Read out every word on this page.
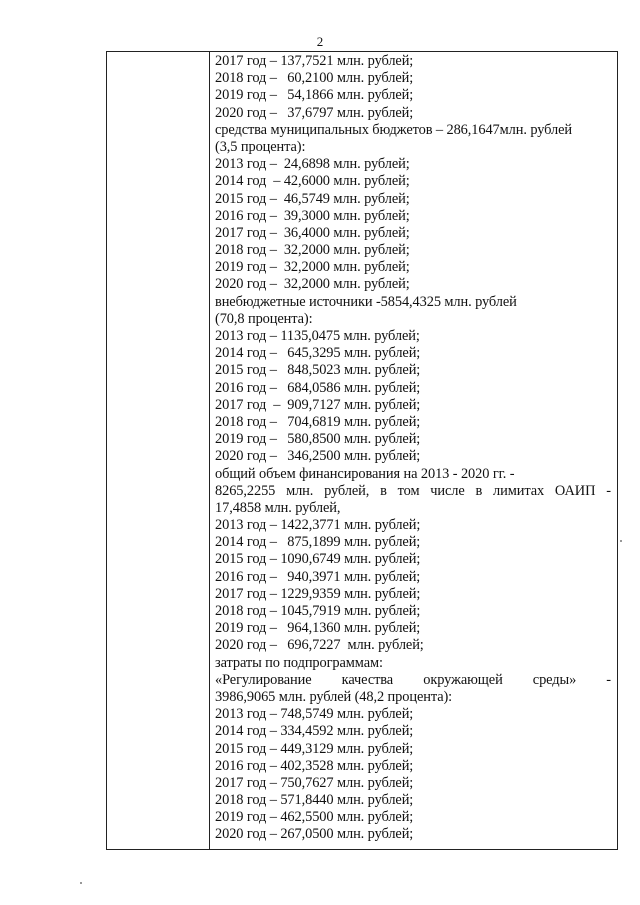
2
2017 год – 137,7521 млн. рублей;
2018 год –   60,2100 млн. рублей;
2019 год –   54,1866 млн. рублей;
2020 год –   37,6797 млн. рублей;
средства муниципальных бюджетов – 286,1647млн. рублей
(3,5 процента):
2013 год –  24,6898 млн. рублей;
2014 год  – 42,6000 млн. рублей;
2015 год –  46,5749 млн. рублей;
2016 год –  39,3000 млн. рублей;
2017 год –  36,4000 млн. рублей;
2018 год –  32,2000 млн. рублей;
2019 год –  32,2000 млн. рублей;
2020 год –  32,2000 млн. рублей;
внебюджетные источники -5854,4325 млн. рублей
(70,8 процента):
2013 год – 1135,0475 млн. рублей;
2014 год –   645,3295 млн. рублей;
2015 год –   848,5023 млн. рублей;
2016 год –   684,0586 млн. рублей;
2017 год  –  909,7127 млн. рублей;
2018 год –   704,6819 млн. рублей;
2019 год –   580,8500 млн. рублей;
2020 год –   346,2500 млн. рублей;
общий объем финансирования на 2013 - 2020 гг. -
8265,2255 млн. рублей, в том числе в лимитах ОАИП -
17,4858 млн. рублей,
2013 год – 1422,3771 млн. рублей;
2014 год –   875,1899 млн. рублей;
2015 год – 1090,6749 млн. рублей;
2016 год –   940,3971 млн. рублей;
2017 год – 1229,9359 млн. рублей;
2018 год – 1045,7919 млн. рублей;
2019 год –   964,1360 млн. рублей;
2020 год –   696,7227  млн. рублей;
затраты по подпрограммам:
«Регулирование качества окружающей среды» -
3986,9065 млн. рублей (48,2 процента):
2013 год – 748,5749 млн. рублей;
2014 год – 334,4592 млн. рублей;
2015 год – 449,3129 млн. рублей;
2016 год – 402,3528 млн. рублей;
2017 год – 750,7627 млн. рублей;
2018 год – 571,8440 млн. рублей;
2019 год – 462,5500 млн. рублей;
2020 год – 267,0500 млн. рублей;
